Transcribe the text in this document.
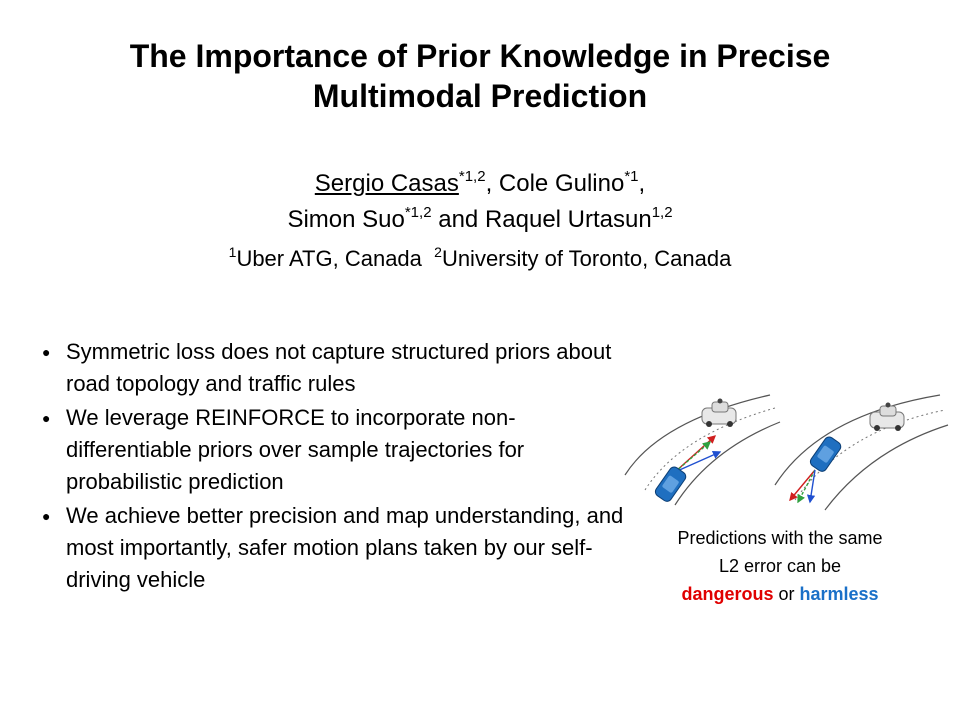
The Importance of Prior Knowledge in Precise
Multimodal Prediction
Sergio Casas$^{*1,2}$, Cole Gulino$^{*1}$,
Simon Suo$^{*1,2}$ and Raquel Urtasun$^{1,2}$
$^1$Uber ATG, Canada $^2$University of Toronto, Canada
● Symmetric loss does not capture structured priors about road topology and traffic rules
● We leverage REINFORCE to incorporate non-differentiable priors over sample trajectories for probabilistic prediction
● We achieve better precision and map understanding, and most importantly, safer motion plans taken by our self-driving vehicle
Predictions with the same
L2 error can be
dangerous or harmless
